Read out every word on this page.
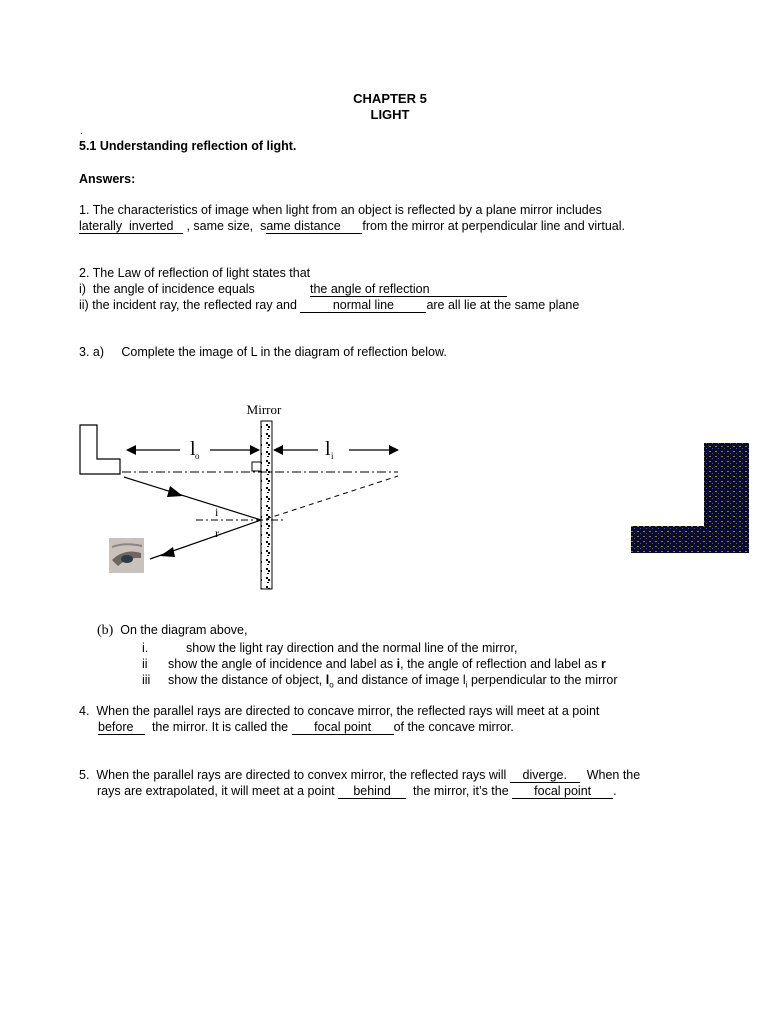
CHAPTER 5
LIGHT
.
5.1 Understanding reflection of light.
Answers:
1. The characteristics of image when light from an object is reflected by a plane mirror includes
laterally  inverted , same size,  same distance  from the mirror at perpendicular line and virtual.
2. The Law of reflection of light states that
i)  the angle of incidence equals	the angle of reflection
ii) the incident ray, the reflected ray and	normal line	are all lie at the same plane
3. a)     Complete the image of L in the diagram of reflection below.
Mirror
l o	l i
i
r
(b) On the diagram above,
i.	show the light ray direction and the normal line of the mirror,
ii show the angle of incidence and label as i, the angle of reflection and label as r
iii show the distance of object, $l_o$ and distance of image $l_i$ perpendicular to the mirror
4.  When the parallel rays are directed to concave mirror, the reflected rays will meet at a point
before  the mirror. It is called the focal point of the concave mirror.
5.  When the parallel rays are directed to convex mirror, the reflected rays will diverge.  When the
rays are extrapolated, it will meet at a point behind  the mirror, it’s the focal point .
